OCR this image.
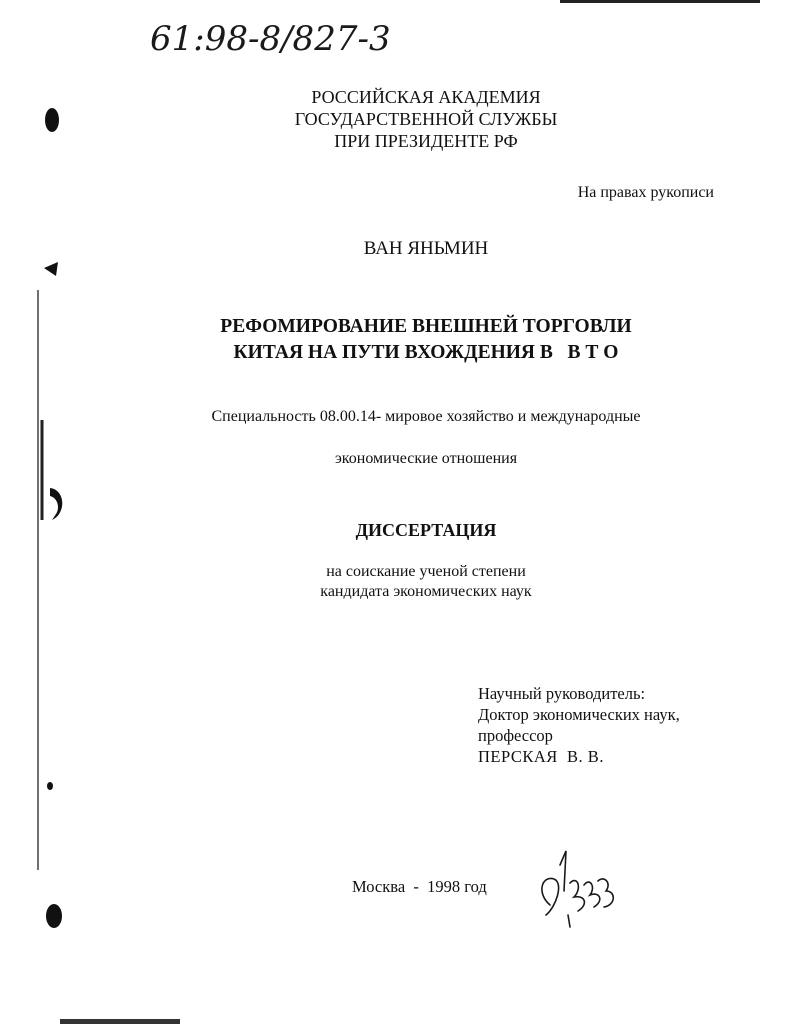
61:98-8/827-3
РОССИЙСКАЯ АКАДЕМИЯ
ГОСУДАРСТВЕННОЙ СЛУЖБЫ
ПРИ ПРЕЗИДЕНТЕ РФ
На правах рукописи
ВАН ЯНЬМИН
РЕФОМИРОВАНИЕ ВНЕШНЕЙ ТОРГОВЛИ
КИТАЯ НА ПУТИ ВХОЖДЕНИЯ В   В Т О
Специальность 08.00.14- мировое хозяйство и международные
экономические отношения
ДИССЕРТАЦИЯ
на соискание ученой степени
кандидата экономических наук
Научный руководитель:
Доктор экономических наук,
профессор
ПЕРСКАЯ  В. В.
Москва  -  1998 год
